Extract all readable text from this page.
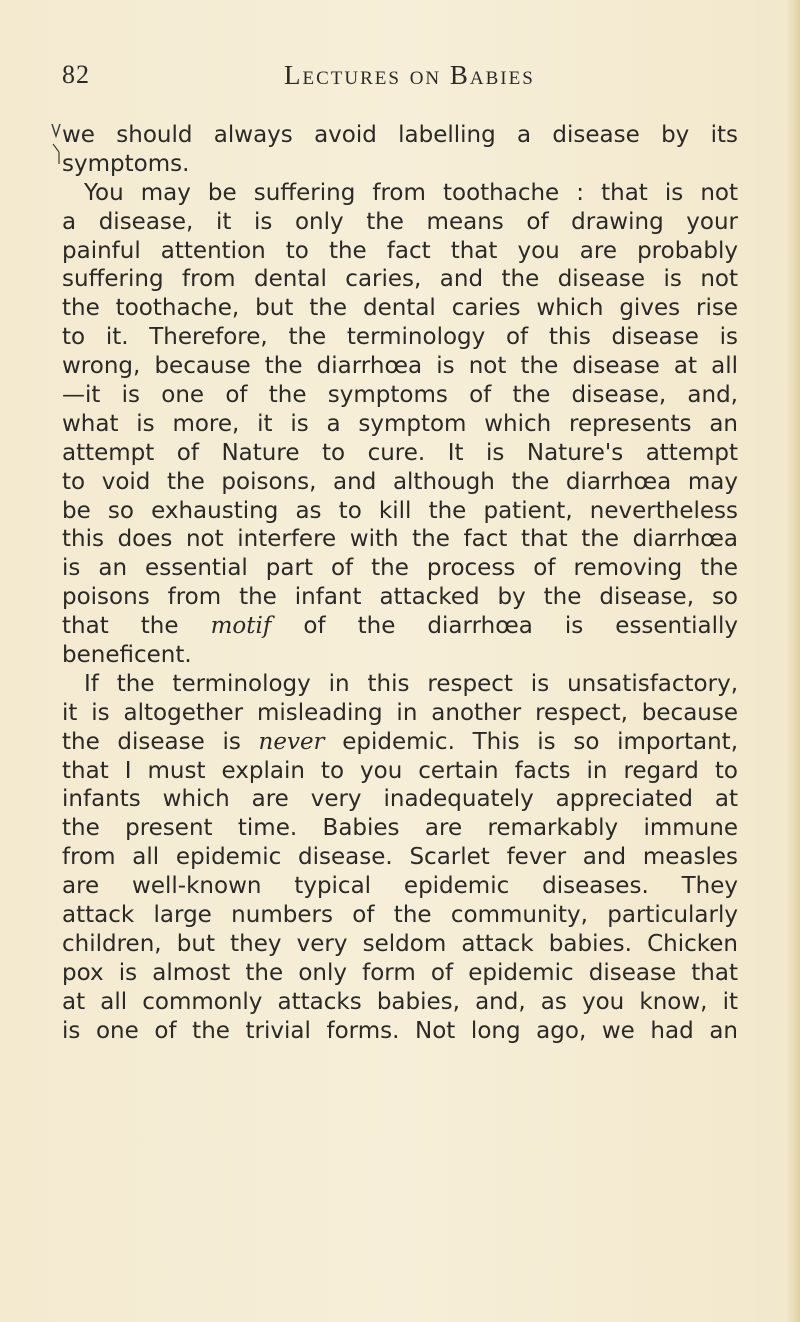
82	Lectures on Babies
we should always avoid labelling a disease by its
symptoms.
You may be suffering from toothache : that is not
a disease, it is only the means of drawing your
painful attention to the fact that you are probably
suffering from dental caries, and the disease is not
the toothache, but the dental caries which gives rise
to it. Therefore, the terminology of this disease is
wrong, because the diarrhœa is not the disease at all
—it is one of the symptoms of the disease, and,
what is more, it is a symptom which represents an
attempt of Nature to cure. It is Nature's attempt
to void the poisons, and although the diarrhœa may
be so exhausting as to kill the patient, nevertheless
this does not interfere with the fact that the diarrhœa
is an essential part of the process of removing the
poisons from the infant attacked by the disease, so
that the motif of the diarrhœa is essentially
beneficent.
If the terminology in this respect is unsatisfactory,
it is altogether misleading in another respect, because
the disease is never epidemic. This is so important,
that I must explain to you certain facts in regard to
infants which are very inadequately appreciated at
the present time. Babies are remarkably immune
from all epidemic disease. Scarlet fever and measles
are well-known typical epidemic diseases. They
attack large numbers of the community, particularly
children, but they very seldom attack babies. Chicken
pox is almost the only form of epidemic disease that
at all commonly attacks babies, and, as you know, it
is one of the trivial forms. Not long ago, we had an
